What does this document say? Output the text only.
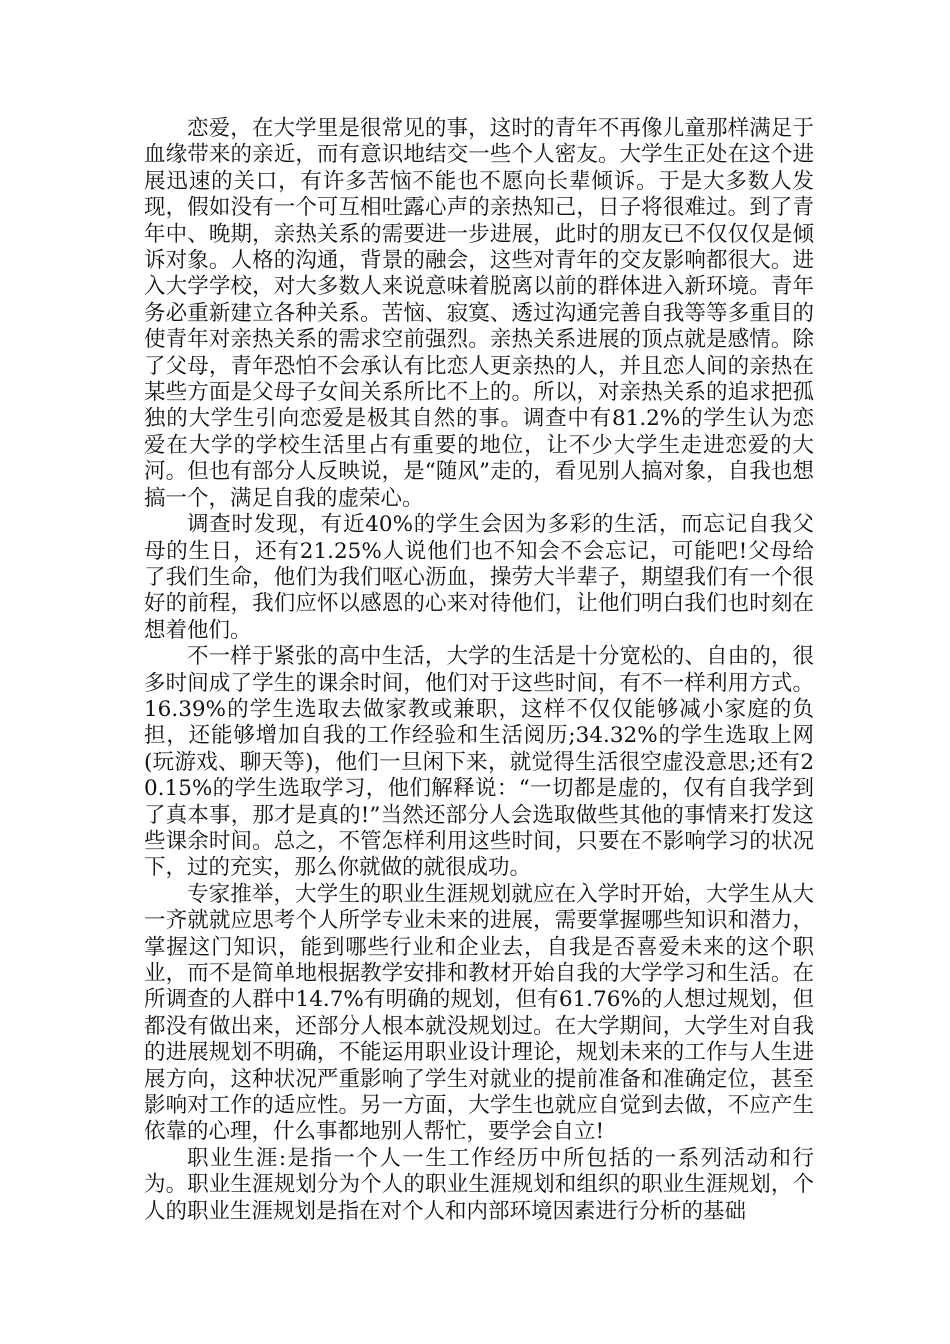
恋爱，在大学里是很常见的事，这时的青年不再像儿童那样满足于血缘带来的亲近，而有意识地结交一些个人密友。大学生正处在这个进展迅速的关口，有许多苦恼不能也不愿向长辈倾诉。于是大多数人发现，假如没有一个可互相吐露心声的亲热知己，日子将很难过。到了青年中、晚期，亲热关系的需要进一步进展，此时的朋友已不仅仅仅是倾诉对象。人格的沟通，背景的融会，这些对青年的交友影响都很大。进入大学学校，对大多数人来说意味着脱离以前的群体进入新环境。青年务必重新建立各种关系。苦恼、寂寞、透过沟通完善自我等等多重目的使青年对亲热关系的需求空前强烈。亲热关系进展的顶点就是感情。除了父母，青年恐怕不会承认有比恋人更亲热的人，并且恋人间的亲热在某些方面是父母子女间关系所比不上的。所以，对亲热关系的追求把孤独的大学生引向恋爱是极其自然的事。调查中有81.2%的学生认为恋爱在大学的学校生活里占有重要的地位，让不少大学生走进恋爱的大河。但也有部分人反映说，是“随风”走的，看见别人搞对象，自我也想搞一个，满足自我的虚荣心。

调查时发现，有近40%的学生会因为多彩的生活，而忘记自我父母的生日，还有21.25%人说他们也不知会不会忘记，可能吧!父母给了我们生命，他们为我们呕心沥血，操劳大半辈子，期望我们有一个很好的前程，我们应怀以感恩的心来对待他们，让他们明白我们也时刻在想着他们。

不一样于紧张的高中生活，大学的生活是十分宽松的、自由的，很多时间成了学生的课余时间，他们对于这些时间，有不一样利用方式。16.39%的学生选取去做家教或兼职，这样不仅仅能够减小家庭的负担，还能够增加自我的工作经验和生活阅历;34.32%的学生选取上网(玩游戏、聊天等)，他们一旦闲下来，就觉得生活很空虚没意思;还有20.15%的学生选取学习，他们解释说：“一切都是虚的，仅有自我学到了真本事，那才是真的!”当然还部分人会选取做些其他的事情来打发这些课余时间。总之，不管怎样利用这些时间，只要在不影响学习的状况下，过的充实，那么你就做的就很成功。

专家推举，大学生的职业生涯规划就应在入学时开始，大学生从大一齐就就应思考个人所学专业未来的进展，需要掌握哪些知识和潜力，掌握这门知识，能到哪些行业和企业去，自我是否喜爱未来的这个职业，而不是简单地根据教学安排和教材开始自我的大学学习和生活。在所调查的人群中14.7%有明确的规划，但有61.76%的人想过规划，但都没有做出来，还部分人根本就没规划过。在大学期间，大学生对自我的进展规划不明确，不能运用职业设计理论，规划未来的工作与人生进展方向，这种状况严重影响了学生对就业的提前准备和准确定位，甚至影响对工作的适应性。另一方面，大学生也就应自觉到去做，不应产生依靠的心理，什么事都地别人帮忙，要学会自立!

职业生涯:是指一个人一生工作经历中所包括的一系列活动和行为。职业生涯规划分为个人的职业生涯规划和组织的职业生涯规划，个人的职业生涯规划是指在对个人和内部环境因素进行分析的基础
